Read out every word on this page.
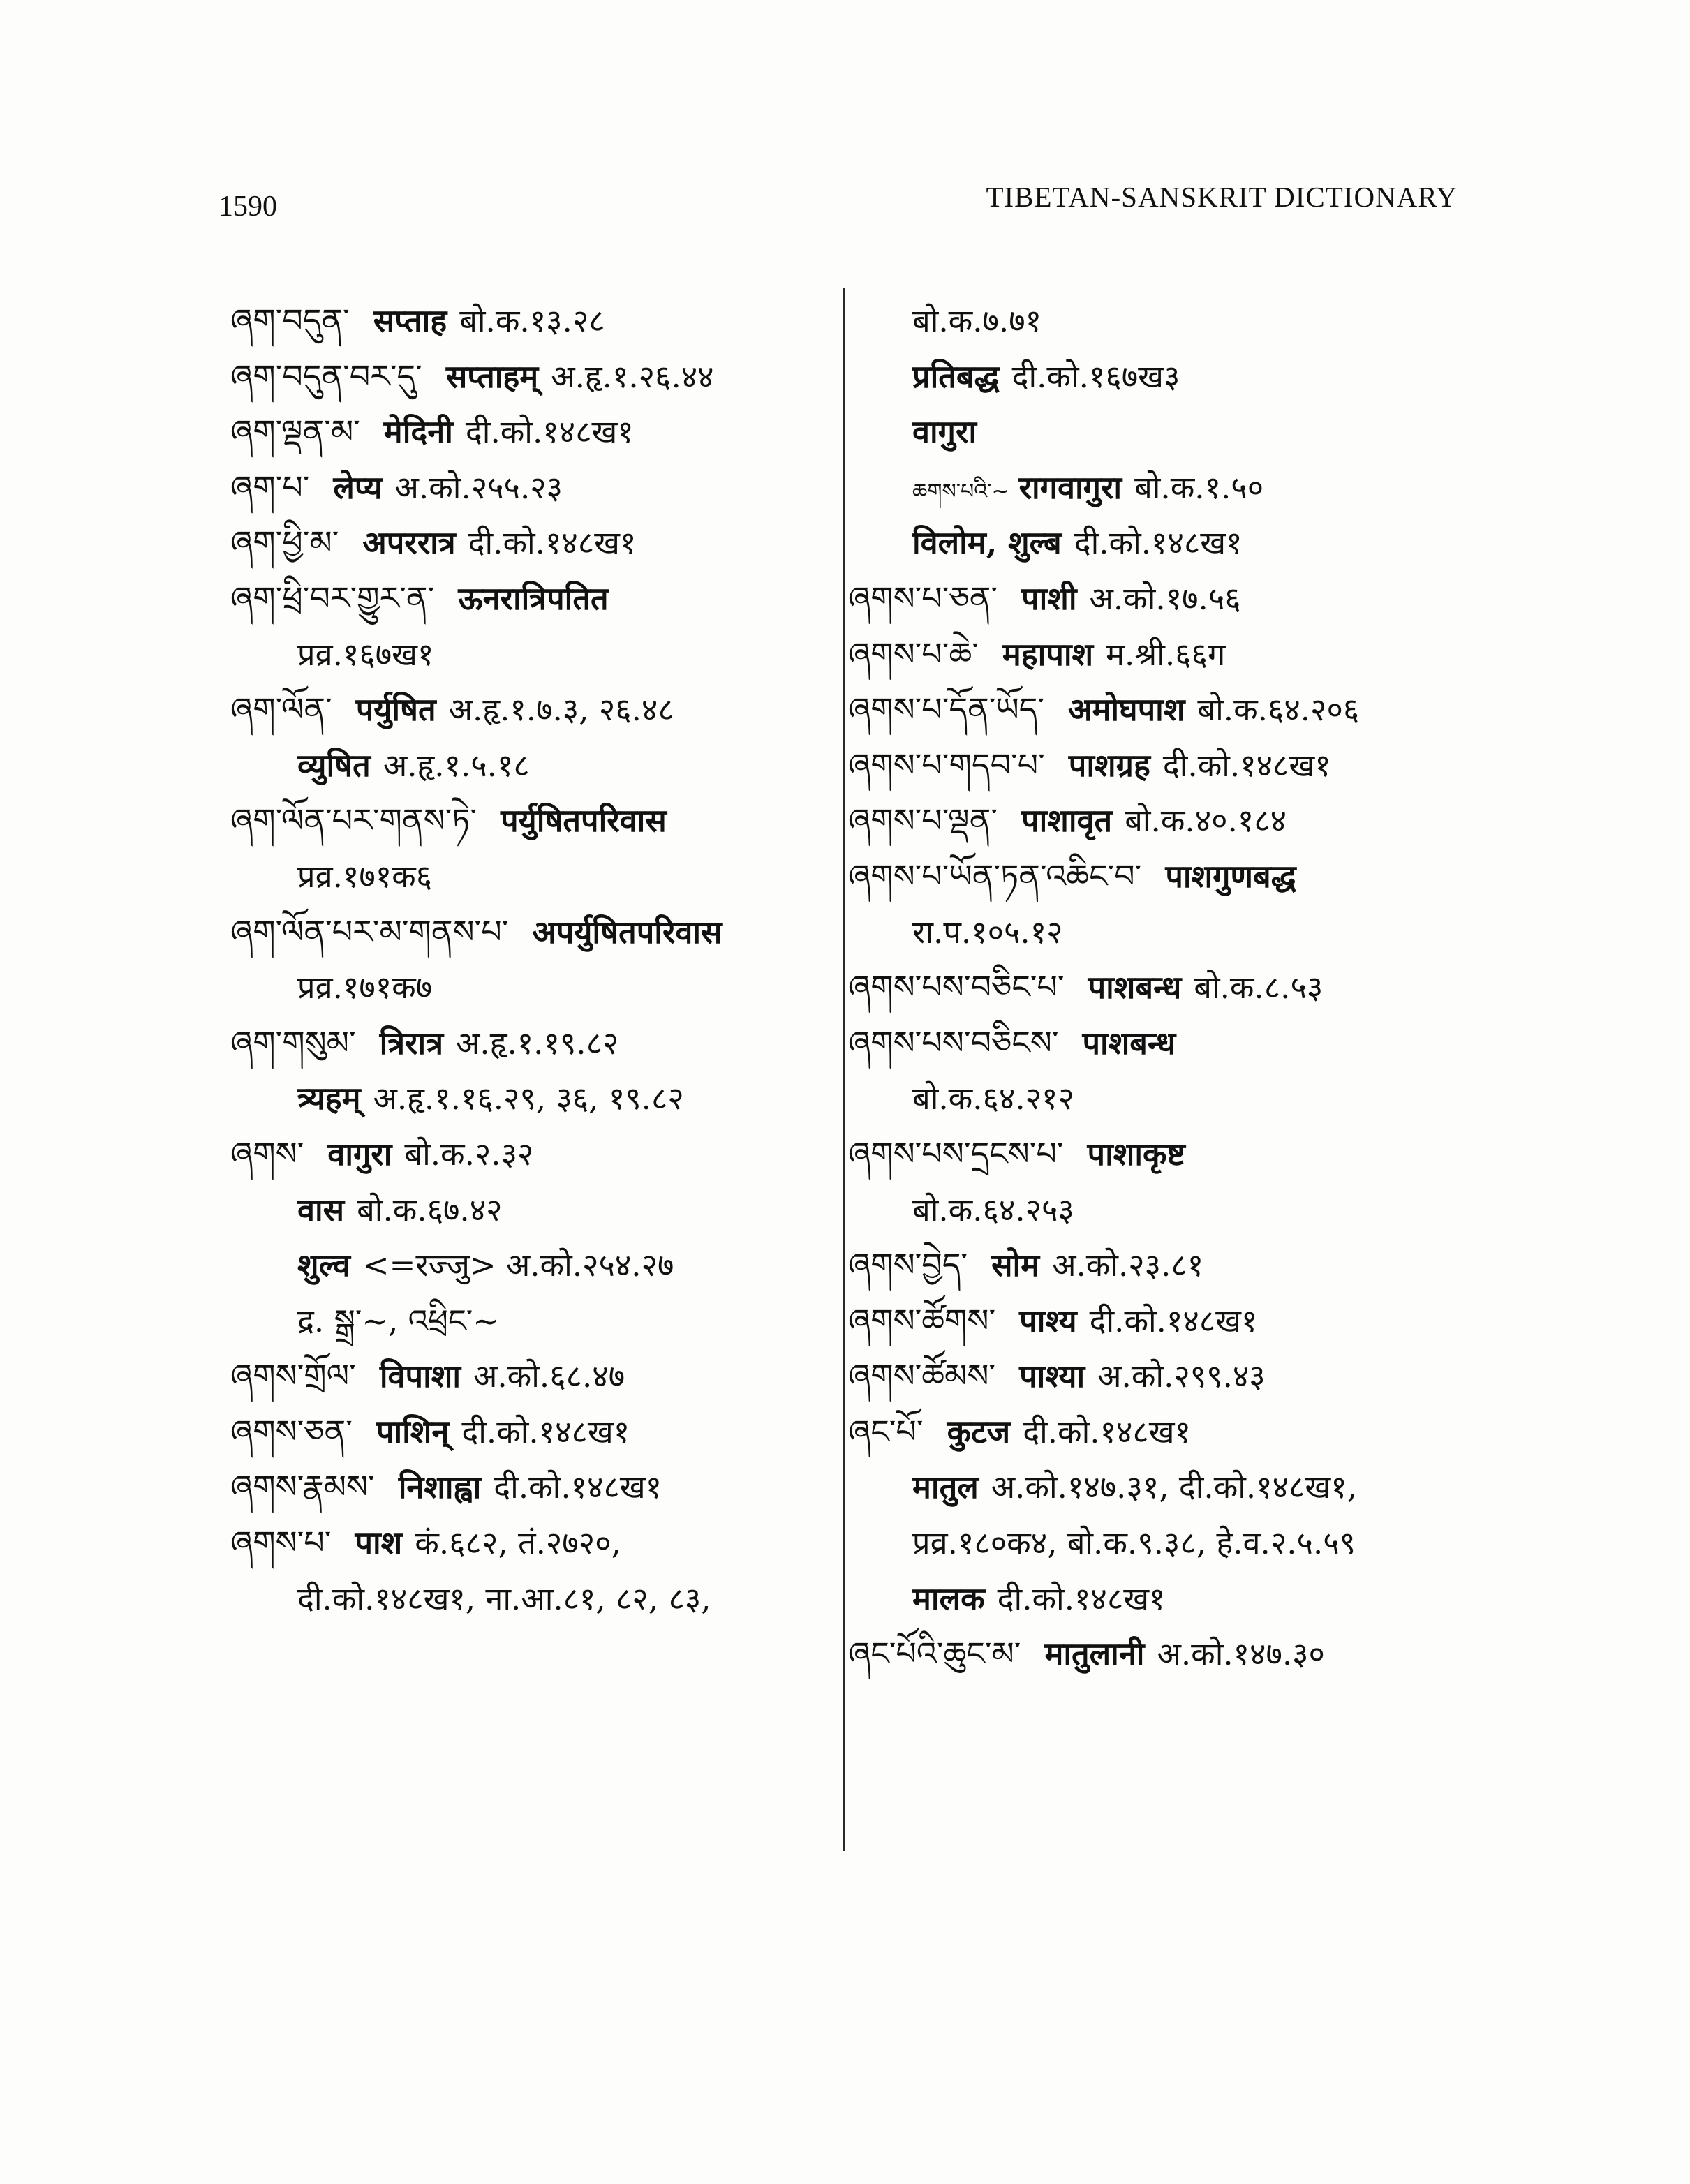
1590	TIBETAN-SANSKRIT DICTIONARY
ཞག་བདུན་ सप्ताह बो.क.१३.२८
ཞག་བདུན་བར་དུ་ सप्ताहम् अ.हृ.१.२६.४४
ཞག་ལྡན་མ་ मेदिनी दी.को.१४८ख१
ཞག་པ་ लेप्य अ.को.२५५.२३
ཞག་ཕྱི་མ་ अपररात्र दी.को.१४८ख१
ཞག་ཕྲི་བར་གྱུར་ན་ ऊनरात्रिपतित
प्रव्र.१६७ख१
ཞག་ལོན་ पर्युषित अ.हृ.१.७.३, २६.४८
व्युषित अ.हृ.१.५.१८
ཞག་ལོན་པར་གནས་ཏེ་ पर्युषितपरिवास
प्रव्र.१७१क६
ཞག་ལོན་པར་མ་གནས་པ་ अपर्युषितपरिवास
प्रव्र.१७१क७
ཞག་གསུམ་ त्रिरात्र अ.हृ.१.१९.८२
त्र्यहम् अ.हृ.१.१६.२९, ३६, १९.८२
ཞགས་ वागुरा बो.क.२.३२
वास बो.क.६७.४२
शुल्व <=रज्जु> अ.को.२५४.२७
द्र. སྒྲ་~, འཕྲིང་~
ཞགས་གྲོལ་ विपाशा अ.को.६८.४७
ཞགས་ཅན་ पाशिन् दी.को.१४८ख१
ཞགས་རྣམས་ निशाह्वा दी.को.१४८ख१
ཞགས་པ་ पाश कं.६८२, तं.२७२०,
दी.को.१४८ख१, ना.आ.८१, ८२, ८३,
बो.क.७.७१
प्रतिबद्ध दी.को.१६७ख३
वागुरा
ཆགས་པའི་~ रागवागुरा बो.क.१.५०
विलोम, शुल्ब दी.को.१४८ख१
ཞགས་པ་ཅན་ पाशी अ.को.१७.५६
ཞགས་པ་ཆེ་ महापाश म.श्री.६६ग
ཞགས་པ་དོན་ཡོད་ अमोघपाश बो.क.६४.२०६
ཞགས་པ་གདབ་པ་ पाशग्रह दी.को.१४८ख१
ཞགས་པ་ལྡན་ पाशावृत बो.क.४०.१८४
ཞགས་པ་ཡོན་ཏན་འཆིང་བ་ पाशगुणबद्ध
रा.प.१०५.१२
ཞགས་པས་བཅིང་པ་ पाशबन्ध बो.क.८.५३
ཞགས་པས་བཅིངས་ पाशबन्ध
बो.क.६४.२१२
ཞགས་པས་དྲངས་པ་ पाशाकृष्ट
बो.क.६४.२५३
ཞགས་བྱེད་ सोम अ.को.२३.८१
ཞགས་ཚོགས་ पाश्य दी.को.१४८ख१
ཞགས་ཚོམས་ पाश्या अ.को.२९९.४३
ཞང་པོ་ कुटज दी.को.१४८ख१
मातुल अ.को.१४७.३१, दी.को.१४८ख१,
प्रव्र.१८०क४, बो.क.९.३८, हे.व.२.५.५९
मालक दी.को.१४८ख१
ཞང་པོའི་ཆུང་མ་ मातुलानी अ.को.१४७.३०
